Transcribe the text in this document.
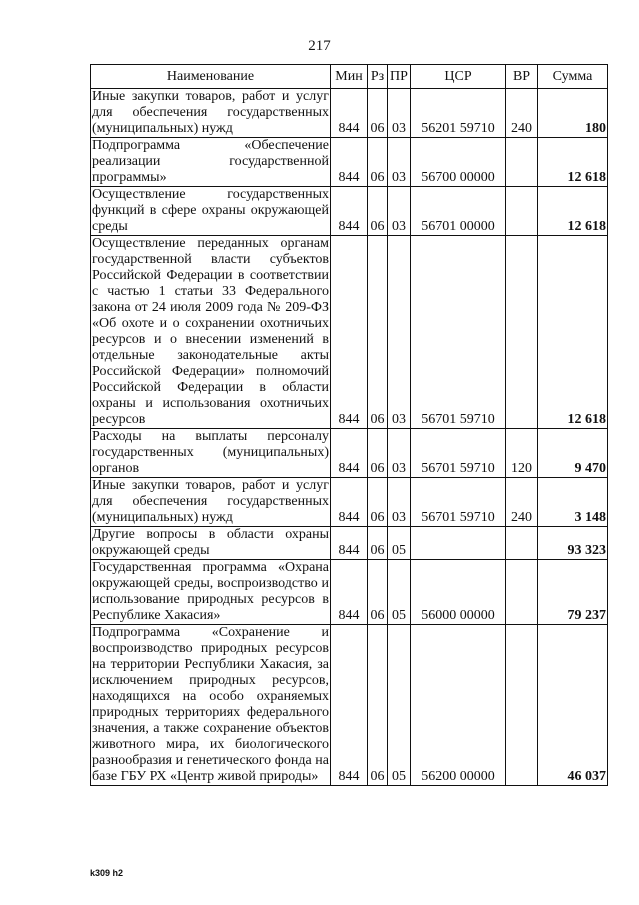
217
Наименование	Мин	Рз	ПР	ЦСР	ВР	Сумма
Иные закупки товаров, работ и услуг для обеспечения государственных (муниципальных) нужд	844	06	03	56201 59710	240	180
Подпрограмма «Обеспечение реализации государственной программы»	844	06	03	56700 00000		12 618
Осуществление государственных функций в сфере охраны окружающей среды	844	06	03	56701 00000		12 618
Осуществление переданных органам государственной власти субъектов Российской Федерации в соответствии с частью 1 статьи 33 Федерального закона от 24 июля 2009 года № 209-ФЗ «Об охоте и о сохранении охотничьих ресурсов и о внесении изменений в отдельные законодательные акты Российской Федерации» полномочий Российской Федерации в области охраны и использования охотничьих ресурсов	844	06	03	56701 59710		12 618
Расходы на выплаты персоналу государственных (муниципальных) органов	844	06	03	56701 59710	120	9 470
Иные закупки товаров, работ и услуг для обеспечения государственных (муниципальных) нужд	844	06	03	56701 59710	240	3 148
Другие вопросы в области охраны окружающей среды	844	06	05			93 323
Государственная программа «Охрана окружающей среды, воспроизводство и использование природных ресурсов в Республике Хакасия»	844	06	05	56000 00000		79 237
Подпрограмма «Сохранение и воспроизводство природных ресурсов на территории Республики Хакасия, за исключением природных ресурсов, находящихся на особо охраняемых природных территориях федерального значения, а также сохранение объектов животного мира, их биологического разнообразия и генетического фонда на базе ГБУ РХ «Центр живой природы»	844	06	05	56200 00000		46 037
k309 h2
